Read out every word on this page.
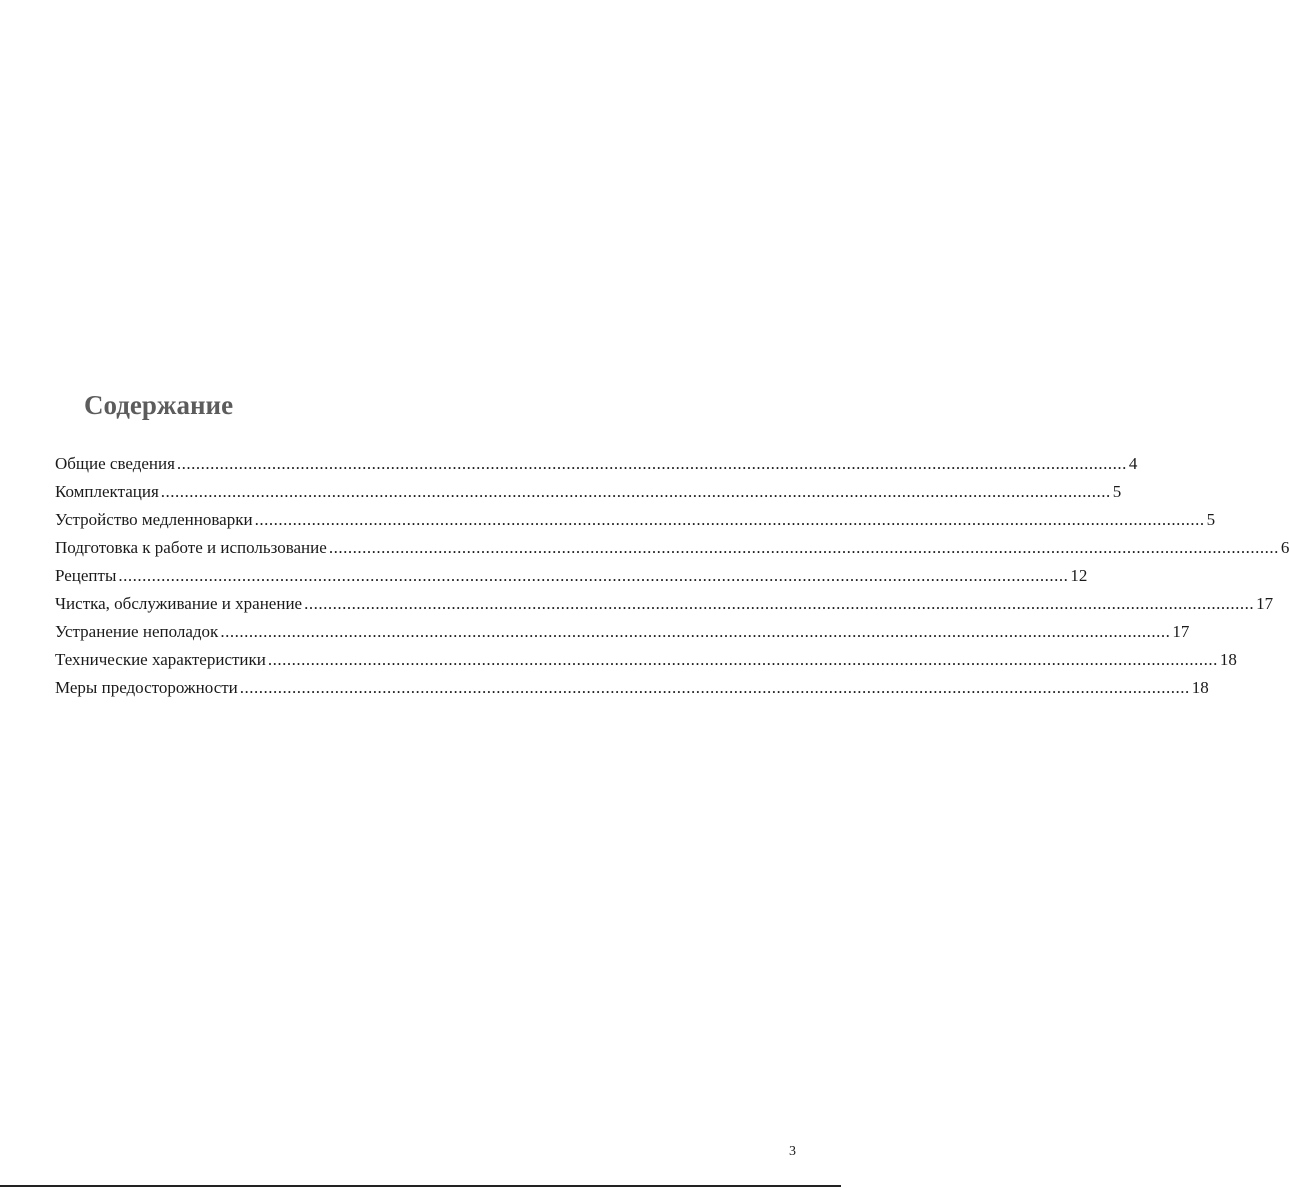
Содержание
Общие сведения ........................................................................................................................................................................................................ 4
Комплектация ........................................................................................................................................................................................................ 5
Устройство медленноварки ........................................................................................................................................................................................................ 5
Подготовка к работе и использование ........................................................................................................................................................................................................ 6
Рецепты ........................................................................................................................................................................................................ 12
Чистка, обслуживание и хранение ........................................................................................................................................................................................................ 17
Устранение неполадок ........................................................................................................................................................................................................ 17
Технические характеристики ........................................................................................................................................................................................................ 18
Меры предосторожности ........................................................................................................................................................................................................ 18
3
